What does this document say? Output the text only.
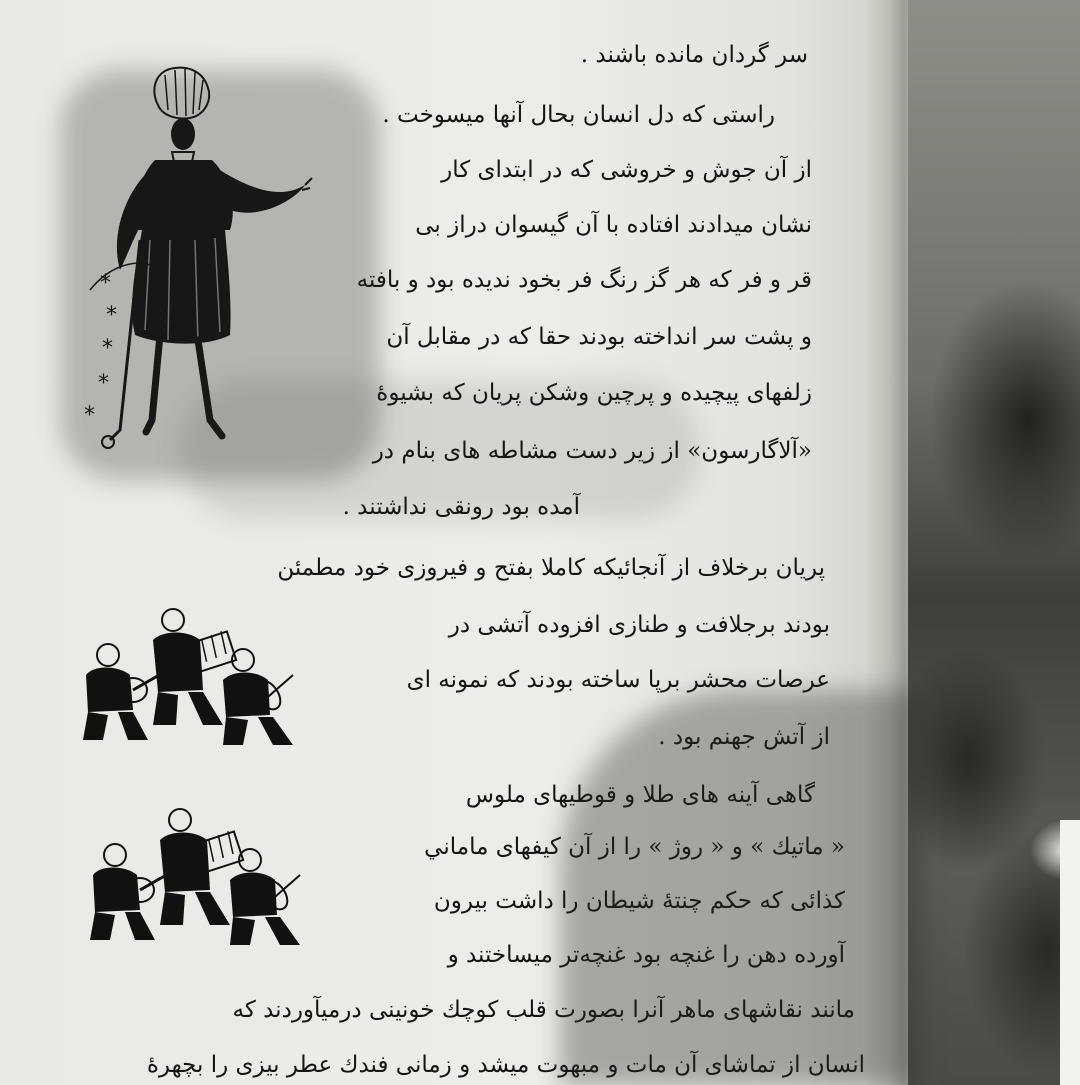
*
*
*
*
*

سر گردان مانده باشند .

راستی که دل انسان بحال آنها میسوخت .

از آن جوش و خروشی که در ابتدای کار

نشان میدادند افتاده با آن گیسوان دراز بی

قر و فر که هر گز رنگ فر بخود ندیده بود و بافته

و پشت سر انداخته بودند حقا که در مقابل آن

زلفهای پیچیده و پرچین وشکن پریان که بشیوهٔ

«آلاگارسون» از زیر دست مشاطه های بنام در

آمده بود رونقی نداشتند .

پریان برخلاف از آنجائیکه کاملا بفتح و فیروزی خود مطمئن

بودند برجلافت و طنازی افزوده آتشی در

عرصات محشر برپا ساخته بودند که نمونه ای

از آتش جهنم بود .

گاهی آینه های طلا و قوطیهای ملوس

« ماتیك » و « روژ » را از آن كیفهای ماماني

کذائی که حکم چنتهٔ شیطان را داشت بیرون

آورده دهن را غنچه بود غنچه‌تر میساختند و

مانند نقاشهای ماهر آنرا بصورت قلب کوچك خونینی درمیآوردند که

انسان از تماشای آن مات و مبهوت میشد و زمانی فندك عطر بیزی را بچهرهٔ
